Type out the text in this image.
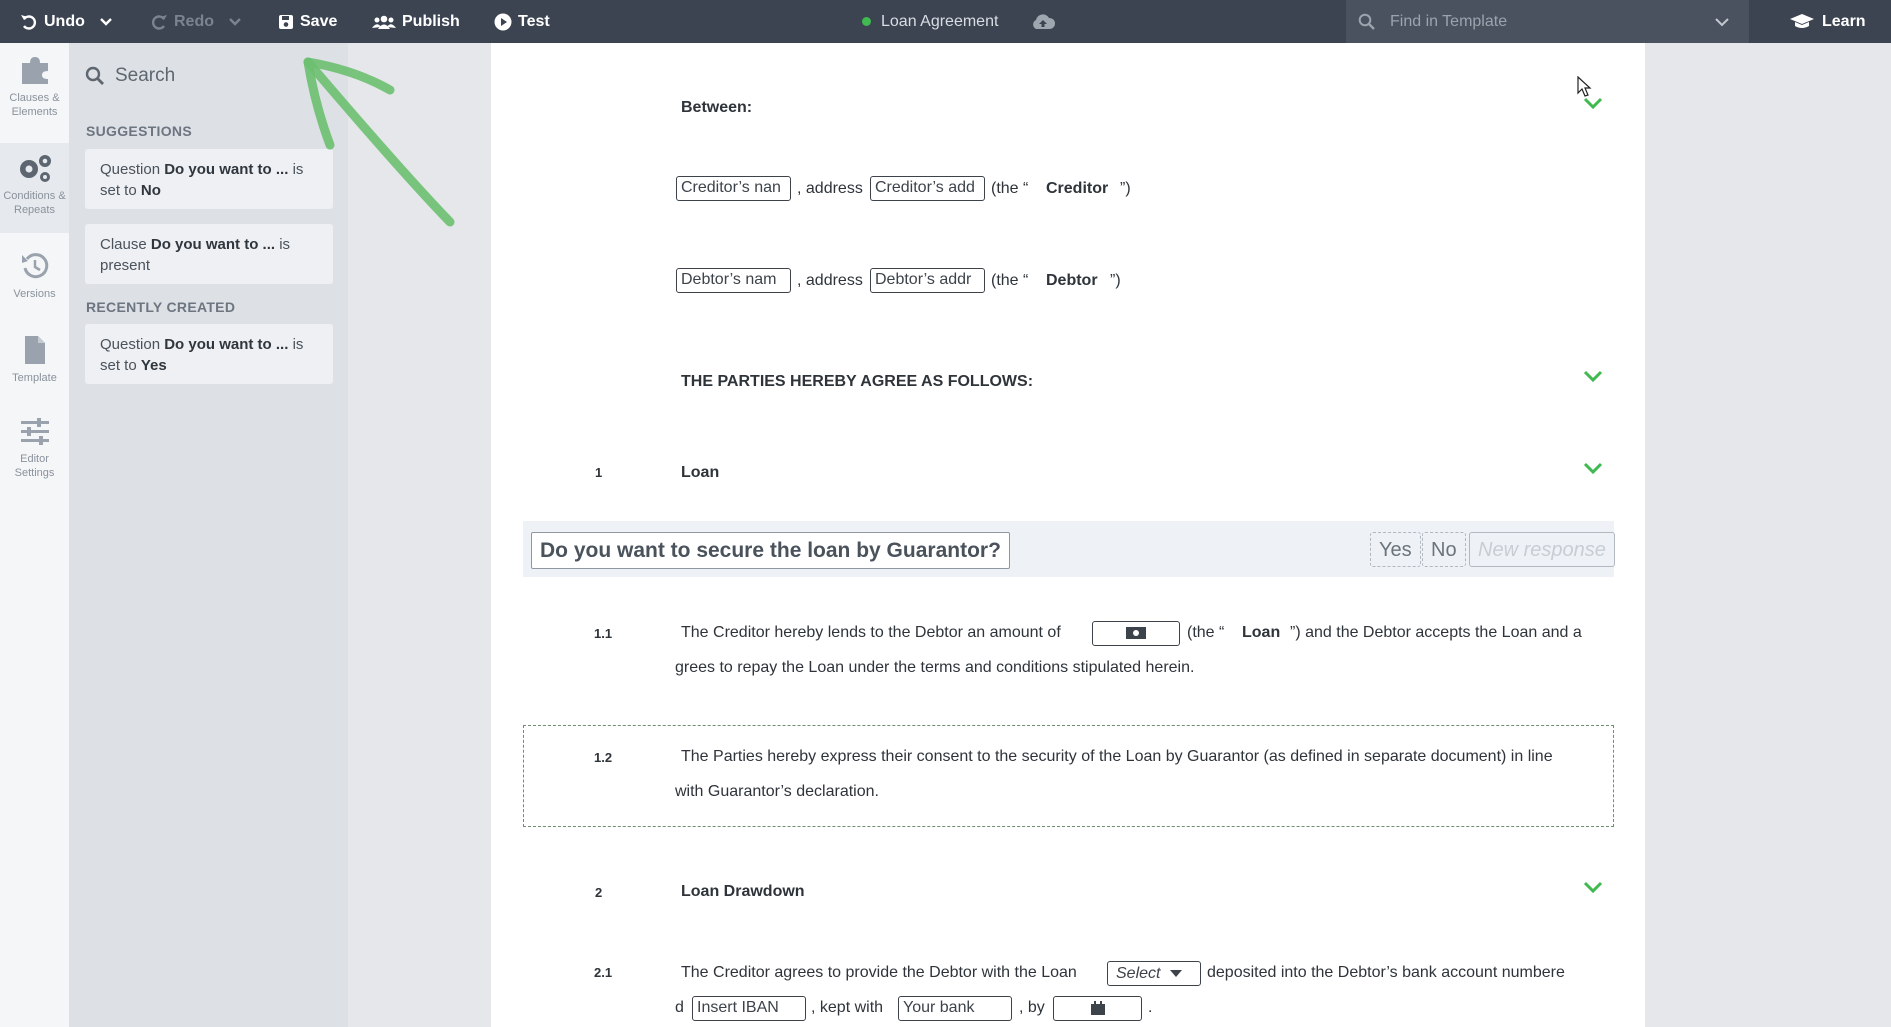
Undo	Redo	Save	Publish	Test	Loan Agreement
Find in Template	Learn
Clauses & Elements
Conditions & Repeats
Versions
Template
Editor Settings
Search
SUGGESTIONS
Question Do you want to ... is set to No
Clause Do you want to ... is present
RECENTLY CREATED
Question Do you want to ... is set to Yes
Between:
Creditor’s nan	, address Creditor’s add	(the “ Creditor ”)
Debtor’s nam	, address Debtor’s addr	(the “ Debtor ”)
THE PARTIES HEREBY AGREE AS FOLLOWS:
1	Loan
Do you want to secure the loan by Guarantor?	Yes No	New response
1.1	The Creditor hereby lends to the Debtor an amount of	(the “ Loan ”) and the Debtor accepts the Loan and a
grees to repay the Loan under the terms and conditions stipulated herein.
1.2	The Parties hereby express their consent to the security of the Loan by Guarantor (as defined in separate document) in line
with Guarantor’s declaration.
2	Loan Drawdown
2.1	The Creditor agrees to provide the Debtor with the Loan Select	deposited into the Debtor’s bank account numbere
d Insert IBAN	, kept with	Your bank	, by	.
